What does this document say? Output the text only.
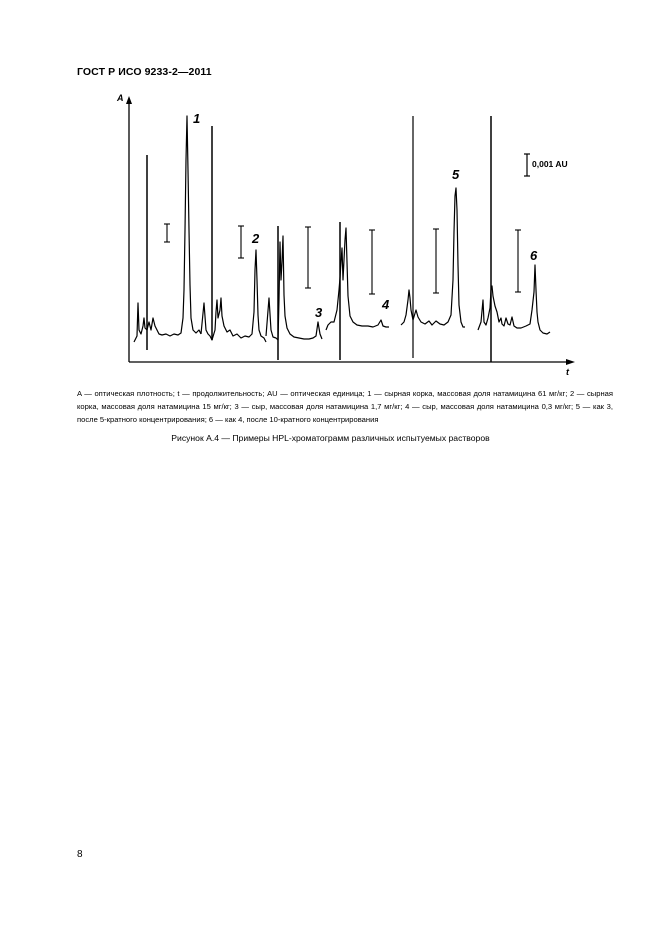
ГОСТ Р ИСО 9233-2—2011
A
t
0,001 AU
1
2
3
4
5
6
A — оптическая плотность; t — продолжительность; AU — оптическая единица; 1 — сырная корка, массовая доля натамицина 61 мг/кг; 2 — сырная корка, массовая доля натамицина 15 мг/кг; 3 — сыр, массовая доля натамицина 1,7 мг/кг; 4 — сыр, массовая доля натамицина 0,3 мг/кг; 5 — как 3, после 5-кратного концентрирования; 6 — как 4, после 10-кратного концентрирования
Рисунок А.4 — Примеры HPL-хроматограмм различных испытуемых растворов
8
